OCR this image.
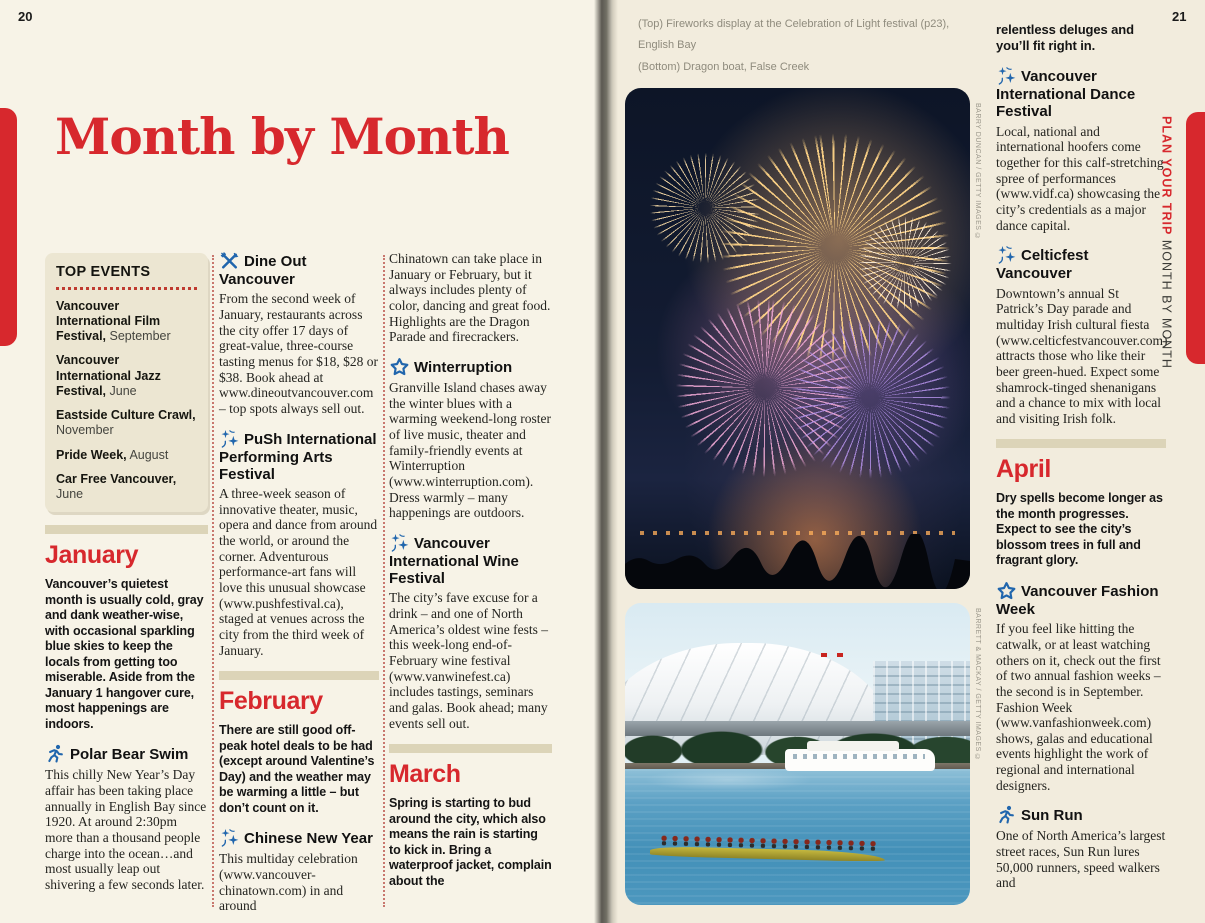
20	21
Month by Month
TOP EVENTS
Vancouver International Film Festival, September
Vancouver International Jazz Festival, June
Eastside Culture Crawl, November
Pride Week, August
Car Free Vancouver, June
January

Vancouver’s quietest month is usually cold, gray and dank weather-wise, with occasional sparkling blue skies to keep the locals from getting too miserable. Aside from the January 1 hangover cure, most happenings are indoors.

Polar Bear Swim

This chilly New Year’s Day affair has been taking place annually in English Bay since 1920. At around 2:30pm more than a thousand people charge into the ocean…and most usually leap out shivering a few seconds later.

Dine Out Vancouver

From the second week of January, restaurants across the city offer 17 days of great-value, three-course tasting menus for $18, $28 or $38. Book ahead at www.dineoutvancouver.com – top spots always sell out.

PuSh International Performing Arts Festival

A three-week season of innovative theater, music, opera and dance from around the world, or around the corner. Adventurous performance-art fans will love this unusual showcase (www.pushfestival.ca), staged at venues across the city from the third week of January.

February

There are still good off-peak hotel deals to be had (except around Valentine’s Day) and the weather may be warming a little – but don’t count on it.

Chinese New Year

This multiday celebration (www.vancouver-chinatown.com) in and around

Chinatown can take place in January or February, but it always includes plenty of color, dancing and great food. Highlights are the Dragon Parade and firecrackers.

Winterruption

Granville Island chases away the winter blues with a warming weekend-long roster of live music, theater and family-friendly events at Winterruption (www.winterruption.com). Dress warmly – many happenings are outdoors.

Vancouver International Wine Festival

The city’s fave excuse for a drink – and one of North America’s oldest wine fests – this week-long end-of-February wine festival (www.vanwinefest.ca) includes tastings, seminars and galas. Book ahead; many events sell out.

March

Spring is starting to bud around the city, which also means the rain is starting to kick in. Bring a waterproof jacket, complain about the

(Top) Fireworks display at the Celebration of Light festival (p23), English Bay
(Bottom) Dragon boat, False Creek
BARRY DUNCAN / GETTY IMAGES ©
BARRETT & MACKAY / GETTY IMAGES ©

relentless deluges and you’ll fit right in.

Vancouver International Dance Festival

Local, national and international hoofers come together for this calf-stretching spree of performances (www.vidf.ca) showcasing the city’s credentials as a major dance capital.

Celticfest Vancouver

Downtown’s annual St Patrick’s Day parade and multiday Irish cultural fiesta (www.celticfestvancouver.com) attracts those who like their beer green-hued. Expect some shamrock-tinged shenanigans and a chance to mix with local and visiting Irish folk.

April

Dry spells become longer as the month progresses. Expect to see the city’s blossom trees in full and fragrant glory.

Vancouver Fashion Week

If you feel like hitting the catwalk, or at least watching others on it, check out the first of two annual fashion weeks – the second is in September. Fashion Week (www.vanfashionweek.com) shows, galas and educational events highlight the work of regional and international designers.

Sun Run

One of North America’s largest street races, Sun Run lures 50,000 runners, speed walkers and

PLAN YOUR TRIP MONTH BY MONTH
